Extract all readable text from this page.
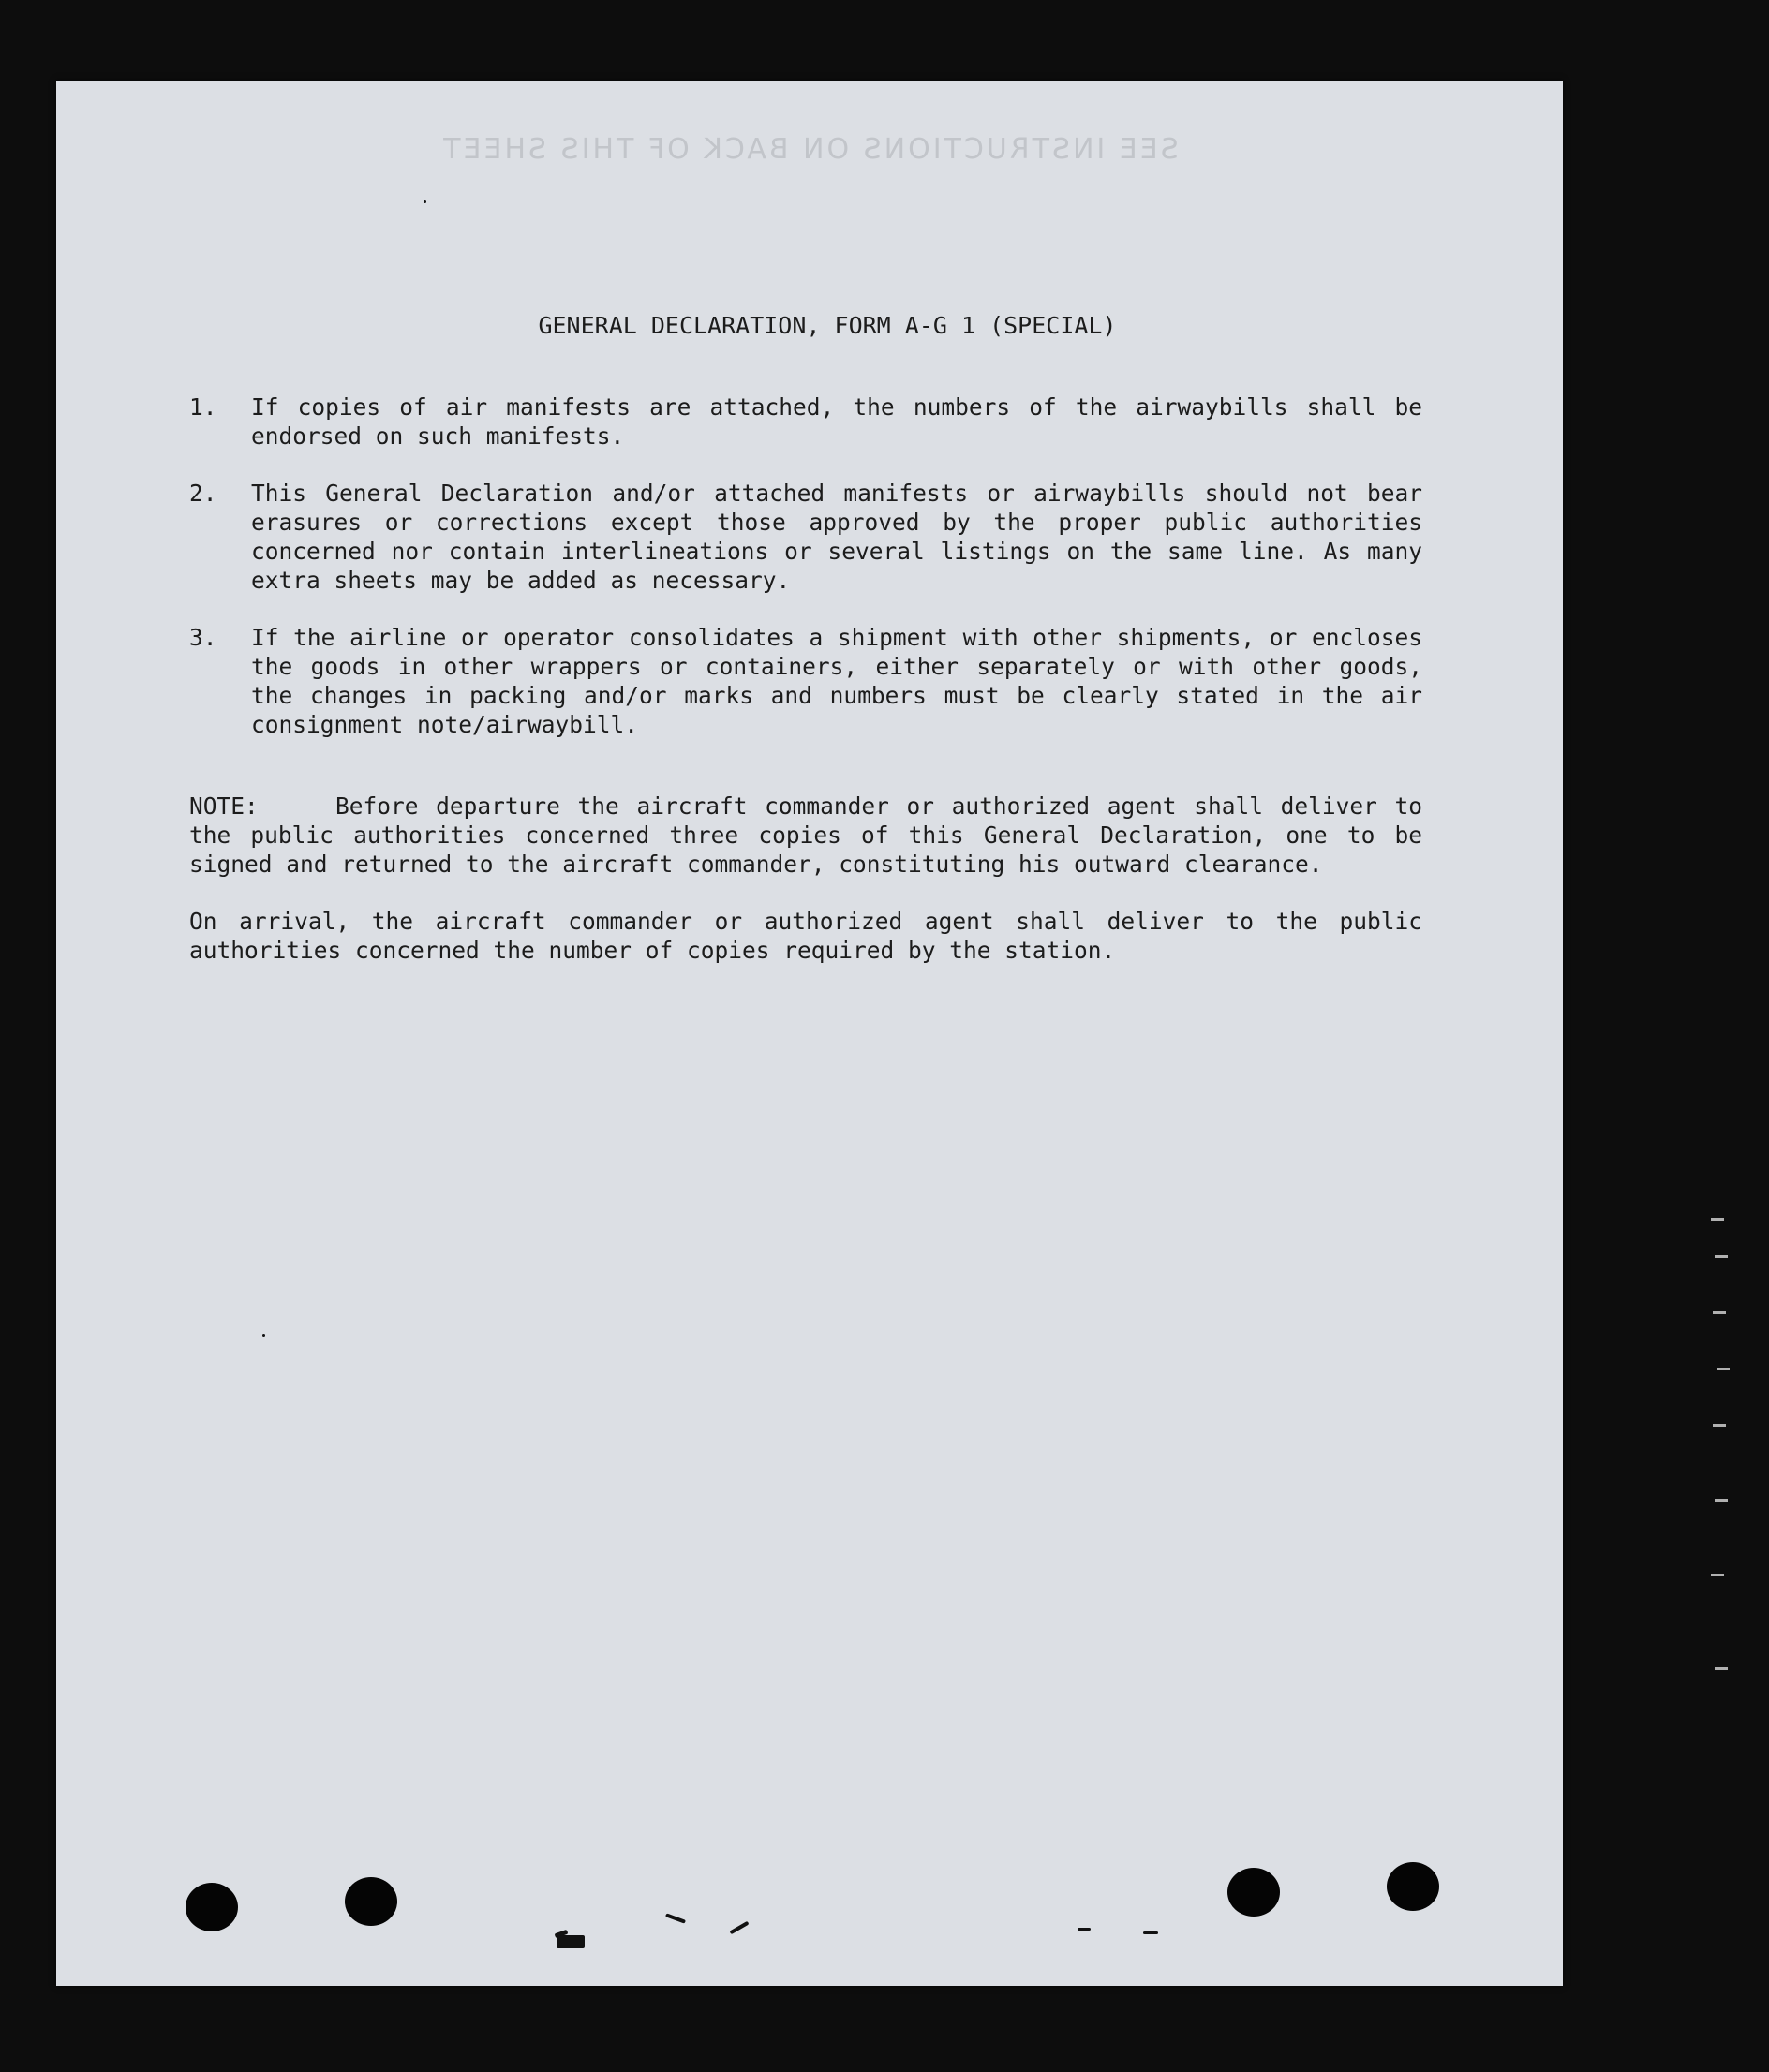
SEE INSTRUCTIONS ON BACK OF THIS SHEET
GENERAL DECLARATION, FORM A-G 1 (SPECIAL)
1.	If copies of air manifests are attached, the numbers of the airwaybills shall be endorsed on such manifests.
2.	This General Declaration and/or attached manifests or airwaybills should not bear erasures or corrections except those approved by the proper public authorities concerned nor contain interlineations or several listings on the same line. As many extra sheets may be added as necessary.
3.	If the airline or operator consolidates a shipment with other shipments, or encloses the goods in other wrappers or containers, either separately or with other goods, the changes in packing and/or marks and numbers must be clearly stated in the air consignment note/airwaybill.
NOTE:	Before departure the aircraft commander or authorized agent shall deliver to the public authorities concerned three copies of this General Declaration, one to be signed and returned to the aircraft commander, constituting his outward clearance.
On arrival, the aircraft commander or authorized agent shall deliver to the public authorities concerned the number of copies required by the station.
